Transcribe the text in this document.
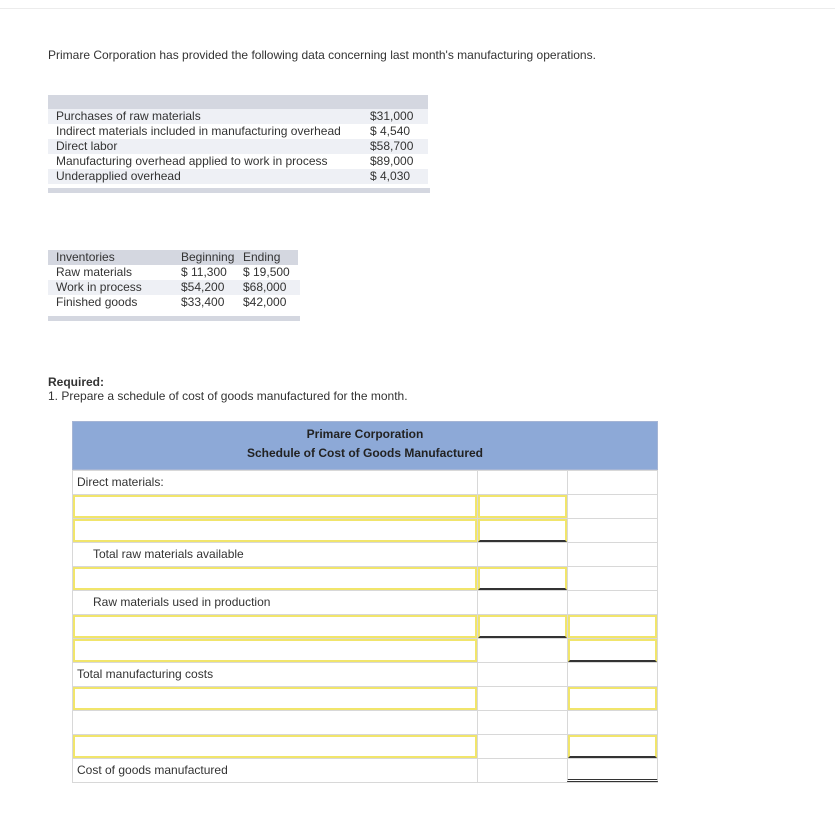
Primare Corporation has provided the following data concerning last month's manufacturing operations.
Purchases of raw materials	$31,000
Indirect materials included in manufacturing overhead	$ 4,540
Direct labor	$58,700
Manufacturing overhead applied to work in process	$89,000
Underapplied overhead	$ 4,030
Inventories	Beginning Ending
Raw materials	$ 11,300	$ 19,500
Work in process	$54,200	$68,000
Finished goods	$33,400	$42,000
Required:
1. Prepare a schedule of cost of goods manufactured for the month.
Primare Corporation
Schedule of Cost of Goods Manufactured
Direct materials:
Total raw materials available
Raw materials used in production
Total manufacturing costs
Cost of goods manufactured
